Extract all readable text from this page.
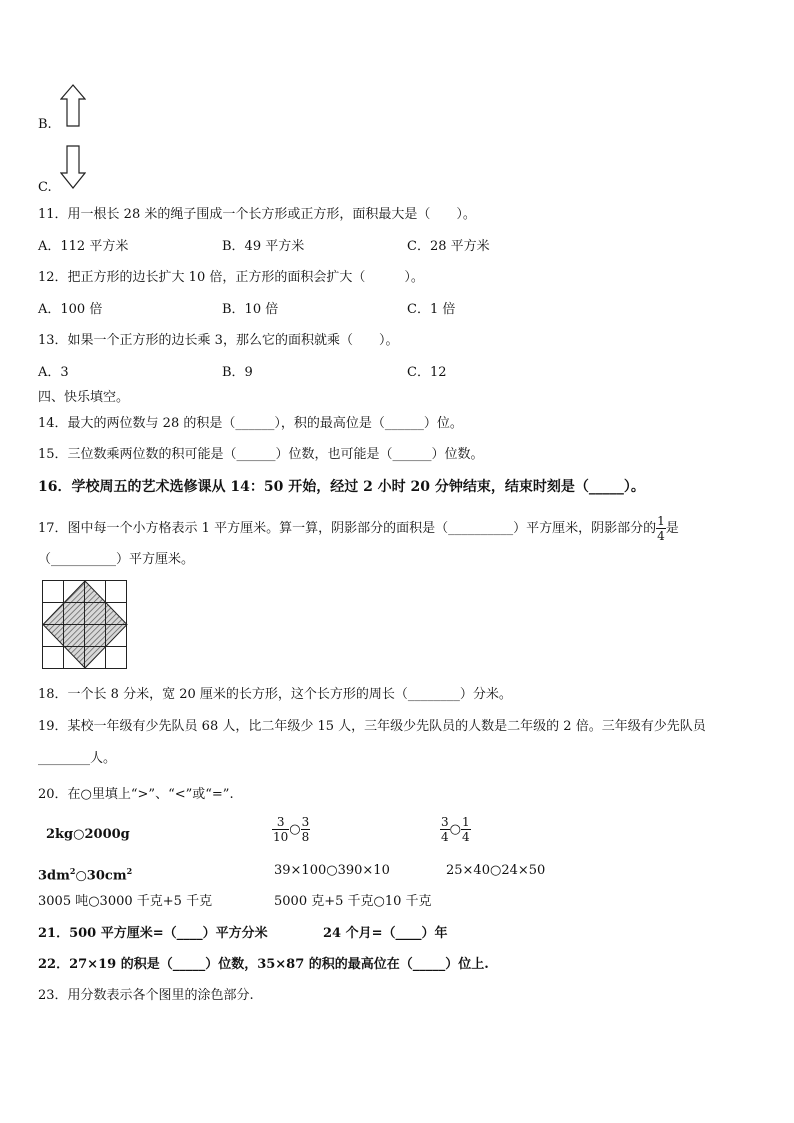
B.
C.
11．用一根长 28 米的绳子围成一个长方形或正方形，面积最大是（　　）。
A．112 平方米	B．49 平方米	C．28 平方米
12．把正方形的边长扩大 10 倍，正方形的面积会扩大（　　　）。
A．100 倍	B．10 倍	C．1 倍
13．如果一个正方形的边长乘 3，那么它的面积就乘（　　）。
A．3	B．9	C．12
四、快乐填空。
14．最大的两位数与 28 的积是（______），积的最高位是（______）位。
15．三位数乘两位数的积可能是（______）位数，也可能是（______）位数。
16．学校周五的艺术选修课从 14：50 开始，经过 2 小时 20 分钟结束，结束时刻是（_____）。
17．图中每一个小方格表示 1 平方厘米。算一算，阴影部分的面积是（__________）平方厘米，阴影部分的 $\frac{1}{4}$ 是
（__________）平方厘米。
18．一个长 8 分米，宽 20 厘米的长方形，这个长方形的周长（________）分米。
19．某校一年级有少先队员 68 人，比二年级少 15 人，三年级少先队员的人数是二年级的 2 倍。三年级有少先队员
________人。
20．在○里填上“>”、“<”或“=”.
2kg○2000g	$\frac{3}{10}$ ○ $\frac{3}{8}$	$\frac{3}{4}$ ○ $\frac{1}{4}$
$3dm^2○30cm^2$	39×100○390×10	25×40○24×50
3005 吨○3000 千克+5 千克	5000 克+5 千克○10 千克
21．500 平方厘米=（____）平方分米	24 个月=（____）年
22．27×19 的积是（_____）位数，35×87 的积的最高位在（_____）位上.
23．用分数表示各个图里的涂色部分.
